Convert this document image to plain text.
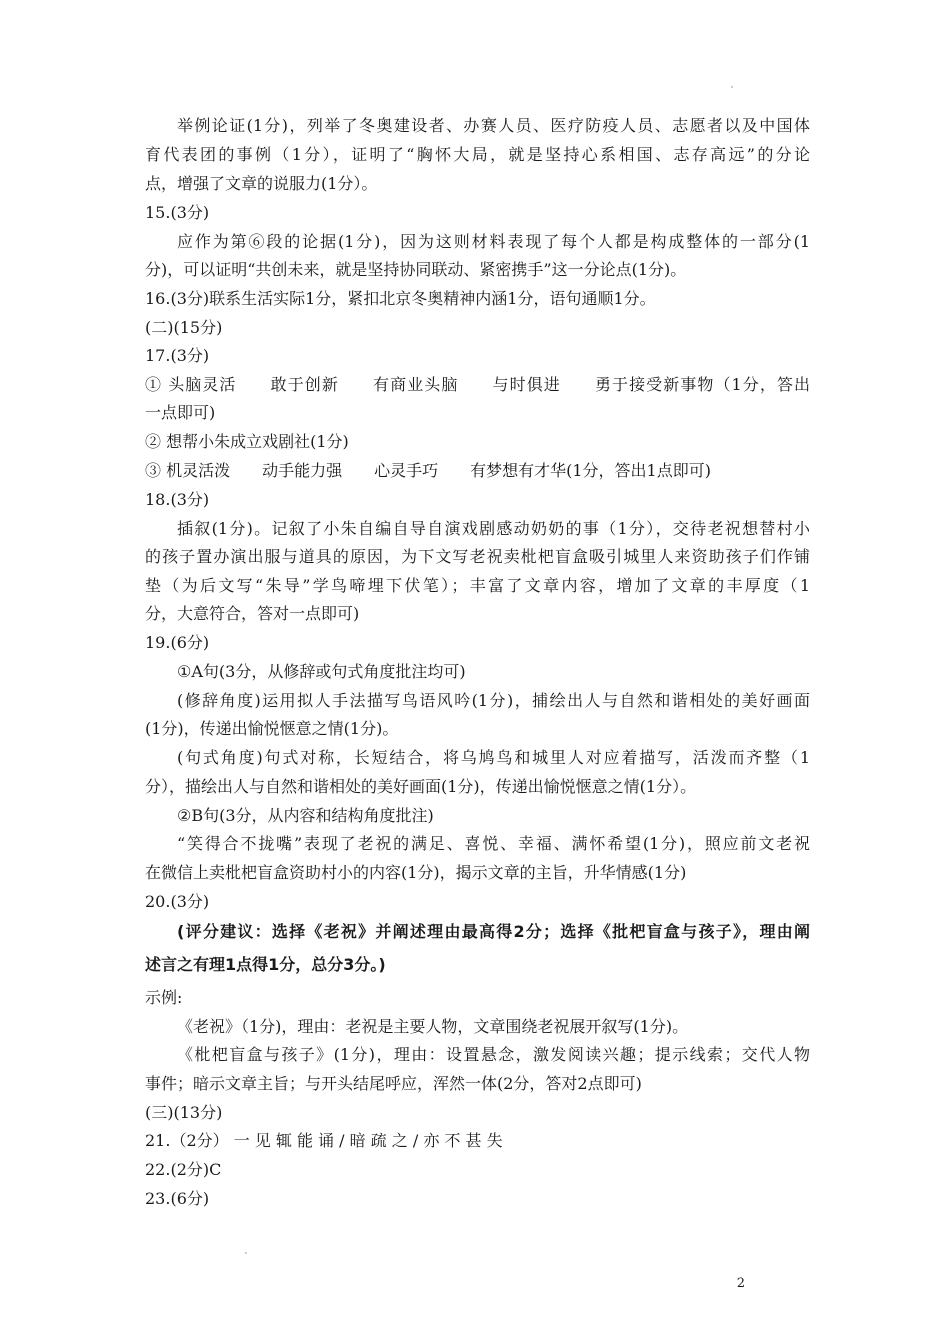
举例论证(1分)，列举了冬奥建设者、办赛人员、医疗防疫人员、志愿者以及中国体
育代表团的事例（1分），证明了“胸怀大局，就是坚持心系相国、志存高远”的分论
点，增强了文章的说服力(1分）。
15.(3分)
应作为第⑥段的论据(1分)，因为这则材料表现了每个人都是构成整体的一部分(1
分)，可以证明“共创未来，就是坚持协同联动、紧密携手”这一分论点(1分)。
16.(3分)联系生活实际1分，紧扣北京冬奥精神内涵1分，语句通顺1分。
(二)(15分)
17.(3分)
① 头脑灵活　　敢于创新　　有商业头脑　　与时俱进　　勇于接受新事物（1分，答出
一点即可)
② 想帮小朱成立戏剧社(1分)
③ 机灵活泼　　动手能力强　　心灵手巧　　有梦想有才华(1分，答出1点即可)
18.(3分)
插叙(1分)。记叙了小朱自编自导自演戏剧感动奶奶的事（1分），交待老祝想替村小
的孩子置办演出服与道具的原因，为下文写老祝卖枇杷盲盒吸引城里人来资助孩子们作铺
垫（为后文写“朱导”学鸟啼埋下伏笔）；丰富了文章内容，增加了文章的丰厚度（1
分，大意符合，答对一点即可)
19.(6分)
①A句(3分，从修辞或句式角度批注均可)
(修辞角度)运用拟人手法描写鸟语风吟(1分)，捕绘出人与自然和谐相处的美好画面
(1分)，传递出愉悦惬意之情(1分)。
(句式角度)句式对称，长短结合，将乌鸠鸟和城里人对应着描写，活泼而齐整（1
分），描绘出人与自然和谐相处的美好画面(1分)，传递出愉悦惬意之情(1分）。
②B句(3分，从内容和结构角度批注)
“笑得合不拢嘴”表现了老祝的满足、喜悦、幸福、满怀希望(1分)，照应前文老祝
在微信上卖枇杷盲盒资助村小的内容(1分)，揭示文章的主旨，升华情感(1分)
20.(3分)
(评分建议：选择《老祝》并阐述理由最高得2分；选择《批杷盲盒与孩子》，理由阐
述言之有理1点得1分，总分3分。)
示例:
《老祝》（1分)，理由：老祝是主要人物，文章围绕老祝展开叙写(1分)。
《枇杷盲盒与孩子》(1分)，理由：设置悬念，激发阅读兴趣；提示线索；交代人物
事件；暗示文章主旨；与开头结尾呼应，浑然一体(2分，答对2点即可)
(三)(13分)
21.（2分） 一 见 辄 能 诵 / 暗 疏 之 / 亦 不 甚 失
22.(2分)C
23.(6分)
2
